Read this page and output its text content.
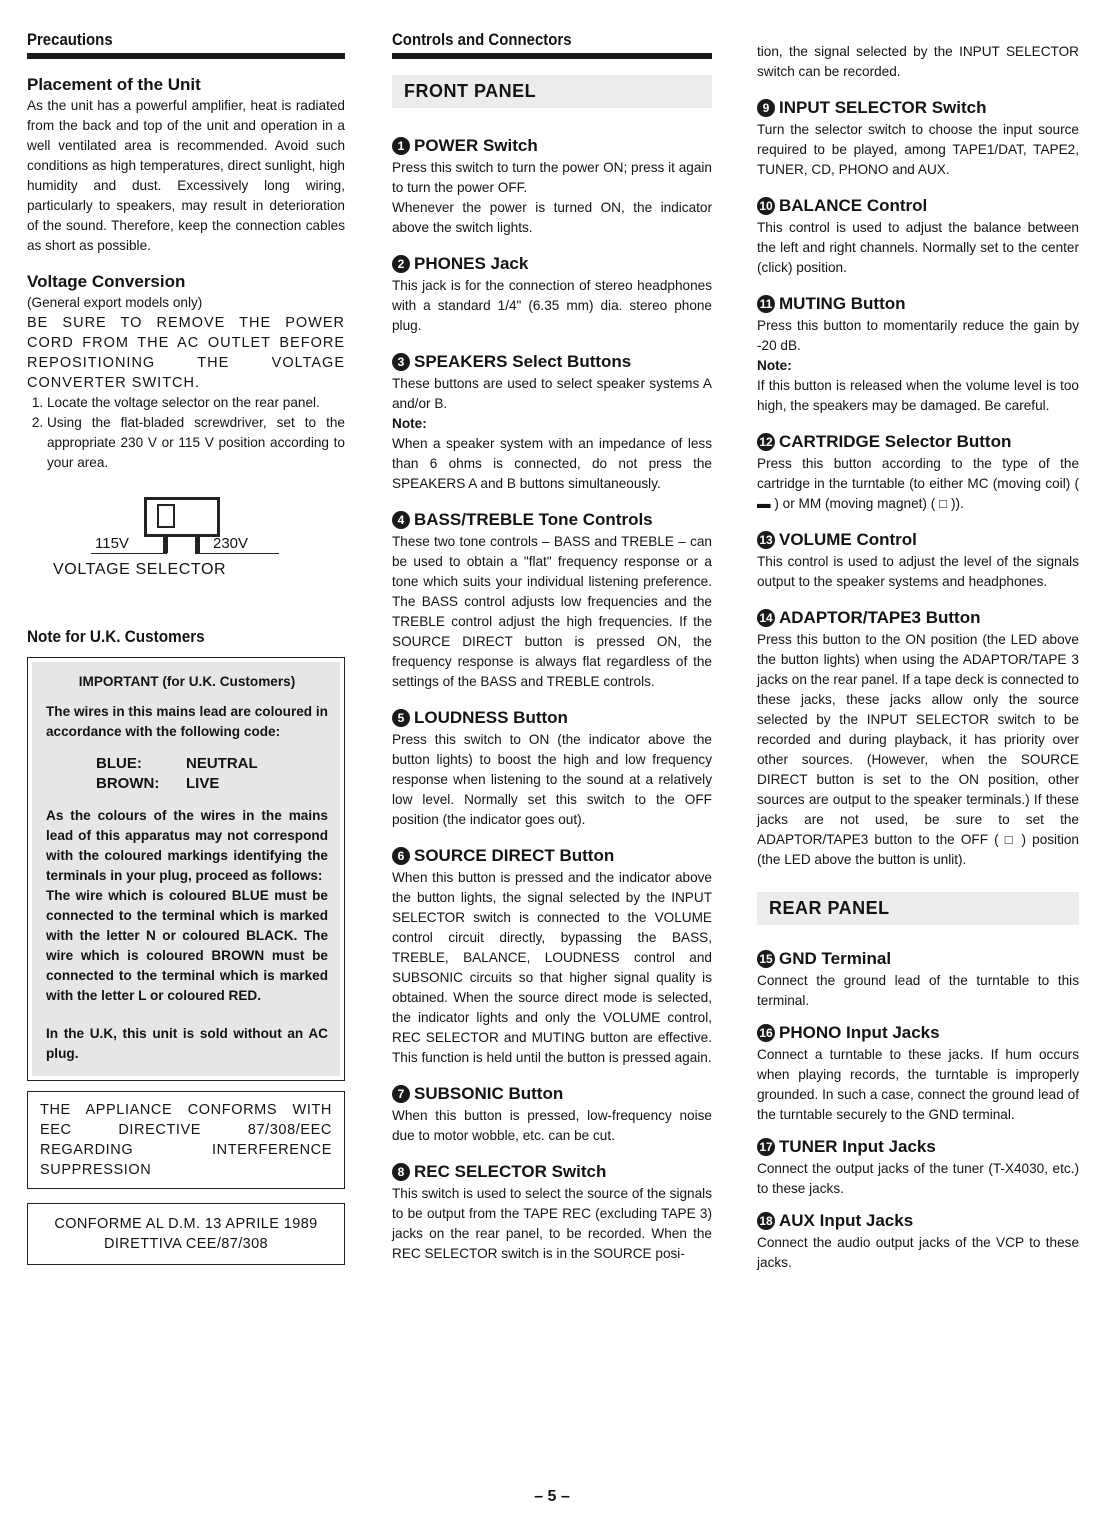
Precautions
Placement of the Unit

As the unit has a powerful amplifier, heat is radiated from the back and top of the unit and operation in a well ventilated area is recommended. Avoid such conditions as high temperatures, direct sunlight, high humidity and dust. Excessively long wiring, particularly to speakers, may result in deterioration of the sound. Therefore, keep the connection cables as short as possible.

Voltage Conversion

(General export models only)

BE SURE TO REMOVE THE POWER CORD FROM THE AC OUTLET BEFORE REPOSITIONING THE VOLTAGE CONVERTER SWITCH.

1. Locate the voltage selector on the rear panel.
2. Using the flat-bladed screwdriver, set to the appropriate 230 V or 115 V position according to your area.
115V	230V
VOLTAGE SELECTOR
Note for U.K. Customers

IMPORTANT (for U.K. Customers)

The wires in this mains lead are coloured in accordance with the following code:

BLUE:	NEUTRAL
BROWN:	LIVE

As the colours of the wires in the mains lead of this apparatus may not correspond with the coloured markings identifying the terminals in your plug, proceed as follows:

The wire which is coloured BLUE must be connected to the terminal which is marked with the letter N or coloured BLACK. The wire which is coloured BROWN must be connected to the terminal which is marked with the letter L or coloured RED.

In the U.K, this unit is sold without an AC plug.

THE APPLIANCE CONFORMS WITH EEC DIRECTIVE 87/308/EEC REGARDING INTERFERENCE SUPPRESSION

CONFORME AL D.M. 13 APRILE 1989

DIRETTIVA CEE/87/308

Controls and Connectors
FRONT PANEL
1 POWER Switch

Press this switch to turn the power ON; press it again to turn the power OFF.

Whenever the power is turned ON, the indicator above the switch lights.

2 PHONES Jack

This jack is for the connection of stereo headphones with a standard 1/4" (6.35 mm) dia. stereo phone plug.

3 SPEAKERS Select Buttons

These buttons are used to select speaker systems A and/or B.

Note:

When a speaker system with an impedance of less than 6 ohms is connected, do not press the SPEAKERS A and B buttons simultaneously.

4 BASS/TREBLE Tone Controls

These two tone controls – BASS and TREBLE – can be used to obtain a "flat" frequency response or a tone which suits your individual listening preference. The BASS control adjusts low frequencies and the TREBLE control adjust the high frequencies. If the SOURCE DIRECT button is pressed ON, the frequency response is always flat regardless of the settings of the BASS and TREBLE controls.

5 LOUDNESS Button

Press this switch to ON (the indicator above the button lights) to boost the high and low frequency response when listening to the sound at a relatively low level. Normally set this switch to the OFF position (the indicator goes out).

6 SOURCE DIRECT Button

When this button is pressed and the indicator above the button lights, the signal selected by the INPUT SELECTOR switch is connected to the VOLUME control circuit directly, bypassing the BASS, TREBLE, BALANCE, LOUDNESS control and SUBSONIC circuits so that higher signal quality is obtained. When the source direct mode is selected, the indicator lights and only the VOLUME control, REC SELECTOR and MUTING button are effective. This function is held until the button is pressed again.

7 SUBSONIC Button

When this button is pressed, low-frequency noise due to motor wobble, etc. can be cut.

8 REC SELECTOR Switch

This switch is used to select the source of the signals to be output from the TAPE REC (excluding TAPE 3) jacks on the rear panel, to be recorded. When the REC SELECTOR switch is in the SOURCE posi-

tion, the signal selected by the INPUT SELECTOR switch can be recorded.

9 INPUT SELECTOR Switch

Turn the selector switch to choose the input source required to be played, among TAPE1/DAT, TAPE2, TUNER, CD, PHONO and AUX.

10 BALANCE Control

This control is used to adjust the balance between the left and right channels. Normally set to the center (click) position.

11 MUTING Button

Press this button to momentarily reduce the gain by -20 dB.

Note:

If this button is released when the volume level is too high, the speakers may be damaged. Be careful.

12 CARTRIDGE Selector Button

Press this button according to the type of the cartridge in the turntable (to either MC (moving coil) ( ▬ ) or MM (moving magnet) ( □ )).

13 VOLUME Control

This control is used to adjust the level of the signals output to the speaker systems and headphones.

14 ADAPTOR/TAPE3 Button

Press this button to the ON position (the LED above the button lights) when using the ADAPTOR/TAPE 3 jacks on the rear panel. If a tape deck is connected to these jacks, these jacks allow only the source selected by the INPUT SELECTOR switch to be recorded and during playback, it has priority over other sources. (However, when the SOURCE DIRECT button is set to the ON position, other sources are output to the speaker terminals.) If these jacks are not used, be sure to set the ADAPTOR/TAPE3 button to the OFF ( □ ) position (the LED above the button is unlit).

REAR PANEL
15 GND Terminal

Connect the ground lead of the turntable to this terminal.

16 PHONO Input Jacks

Connect a turntable to these jacks. If hum occurs when playing records, the turntable is improperly grounded. In such a case, connect the ground lead of the turntable securely to the GND terminal.

17 TUNER Input Jacks

Connect the output jacks of the tuner (T-X4030, etc.) to these jacks.

18 AUX Input Jacks

Connect the audio output jacks of the VCP to these jacks.

– 5 –
